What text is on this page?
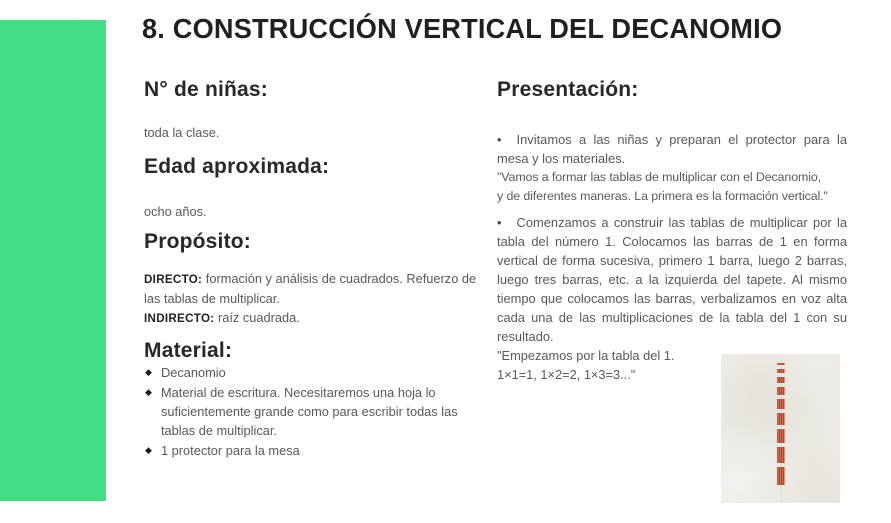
8. CONSTRUCCIÓN VERTICAL DEL DECANOMIO
N° de niñas:

toda la clase.

Edad aproximada:

ocho años.

Propósito:

DIRECTO: formación y análisis de cuadrados. Refuerzo de las tablas de multiplicar.

INDIRECTO: raíz cuadrada.

Material:
◆ Decanomio
◆ Material de escritura. Necesitaremos una hoja lo suficientemente grande como para escribir todas las tablas de multiplicar.
◆ 1 protector para la mesa
Presentación:

• Invitamos a las niñas y preparan el protector para la mesa y los materiales.

"Vamos a formar las tablas de multiplicar con el Decanomio,
y de diferentes maneras. La primera es la formación vertical."

• Comenzamos a construir las tablas de multiplicar por la tabla del número 1. Colocamos las barras de 1 en forma vertical de forma sucesiva, primero 1 barra, luego 2 barras, luego tres barras, etc. a la izquierda del tapete. Al mismo tiempo que colocamos las barras, verbalizamos en voz alta cada una de las multiplicaciones de la tabla del 1 con su resultado.

"Empezamos por la tabla del 1.
1×1=1, 1×2=2, 1×3=3..."
